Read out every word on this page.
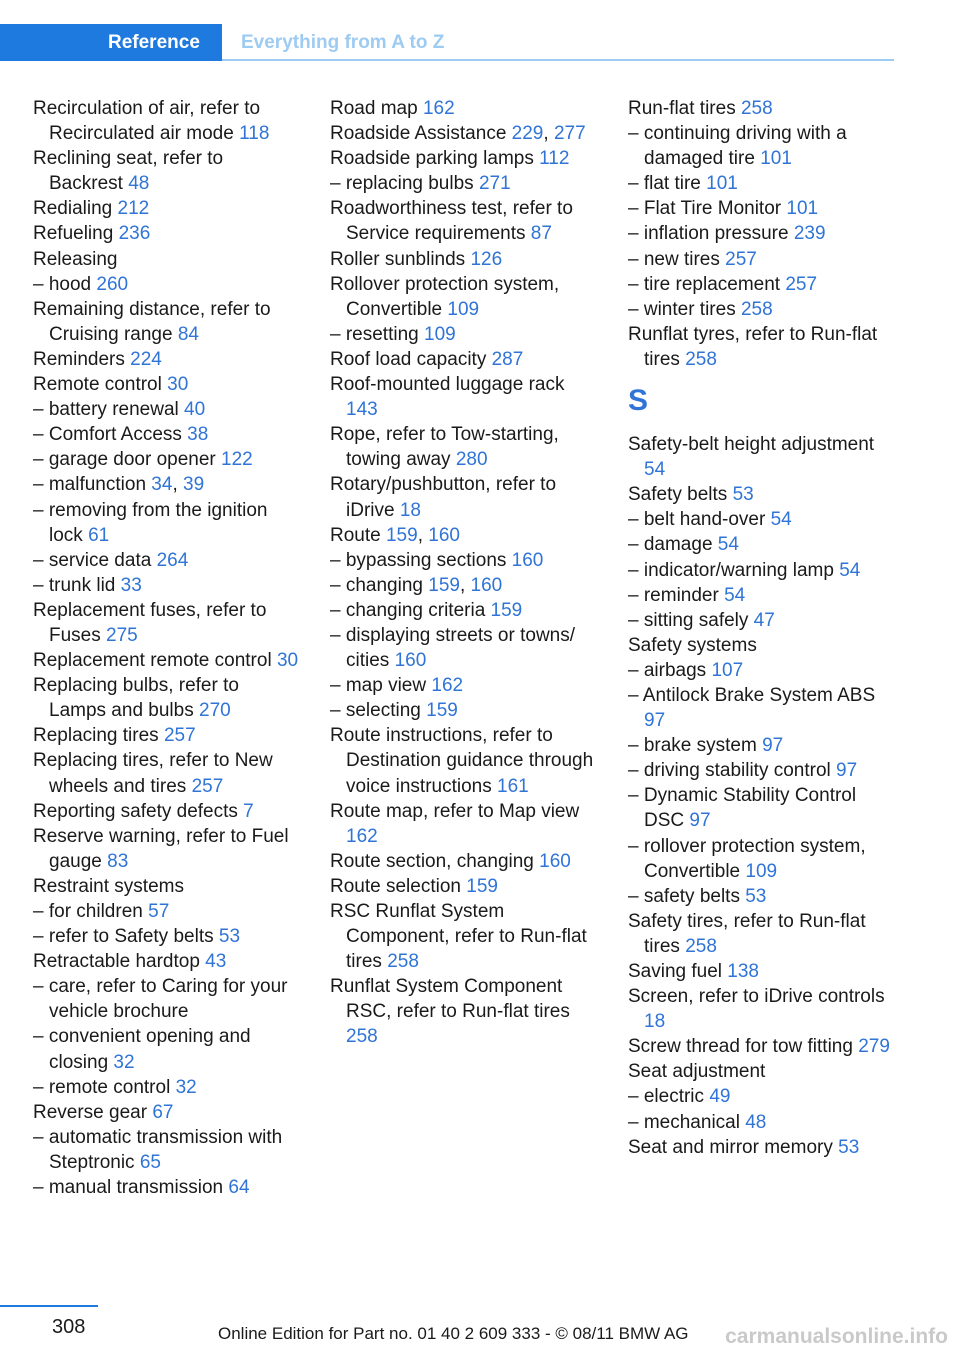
Reference	Everything from A to Z
Recirculation of air, refer to Recirculated air mode 118
Reclining seat, refer to Backrest 48
Redialing 212
Refueling 236
Releasing
– hood 260
Remaining distance, refer to Cruising range 84
Reminders 224
Remote control 30
– battery renewal 40
– Comfort Access 38
– garage door opener 122
– malfunction 34, 39
– removing from the ignition lock 61
– service data 264
– trunk lid 33
Replacement fuses, refer to Fuses 275
Replacement remote control 30
Replacing bulbs, refer to Lamps and bulbs 270
Replacing tires 257
Replacing tires, refer to New wheels and tires 257
Reporting safety defects 7
Reserve warning, refer to Fuel gauge 83
Restraint systems
– for children 57
– refer to Safety belts 53
Retractable hardtop 43
– care, refer to Caring for your vehicle brochure
– convenient opening and closing 32
– remote control 32
Reverse gear 67
– automatic transmission with Steptronic 65
– manual transmission 64
Road map 162
Roadside Assistance 229, 277
Roadside parking lamps 112
– replacing bulbs 271
Roadworthiness test, refer to Service requirements 87
Roller sunblinds 126
Rollover protection system, Convertible 109
– resetting 109
Roof load capacity 287
Roof-mounted luggage rack 143
Rope, refer to Tow-starting, towing away 280
Rotary/pushbutton, refer to iDrive 18
Route 159, 160
– bypassing sections 160
– changing 159, 160
– changing criteria 159
– displaying streets or towns/ cities 160
– map view 162
– selecting 159
Route instructions, refer to Destination guidance through voice instructions 161
Route map, refer to Map view 162
Route section, changing 160
Route selection 159
RSC Runflat System Component, refer to Run-flat tires 258
Runflat System Component RSC, refer to Run-flat tires 258
Run-flat tires 258
– continuing driving with a damaged tire 101
– flat tire 101
– Flat Tire Monitor 101
– inflation pressure 239
– new tires 257
– tire replacement 257
– winter tires 258
Runflat tyres, refer to Run-flat tires 258
S
Safety-belt height adjustment 54
Safety belts 53
– belt hand-over 54
– damage 54
– indicator/warning lamp 54
– reminder 54
– sitting safely 47
Safety systems
– airbags 107
– Antilock Brake System ABS 97
– brake system 97
– driving stability control 97
– Dynamic Stability Control DSC 97
– rollover protection system, Convertible 109
– safety belts 53
Safety tires, refer to Run-flat tires 258
Saving fuel 138
Screen, refer to iDrive controls 18
Screw thread for tow fitting 279
Seat adjustment
– electric 49
– mechanical 48
Seat and mirror memory 53
308	Online Edition for Part no. 01 40 2 609 333 - © 08/11 BMW AG carmanualsonline.info
